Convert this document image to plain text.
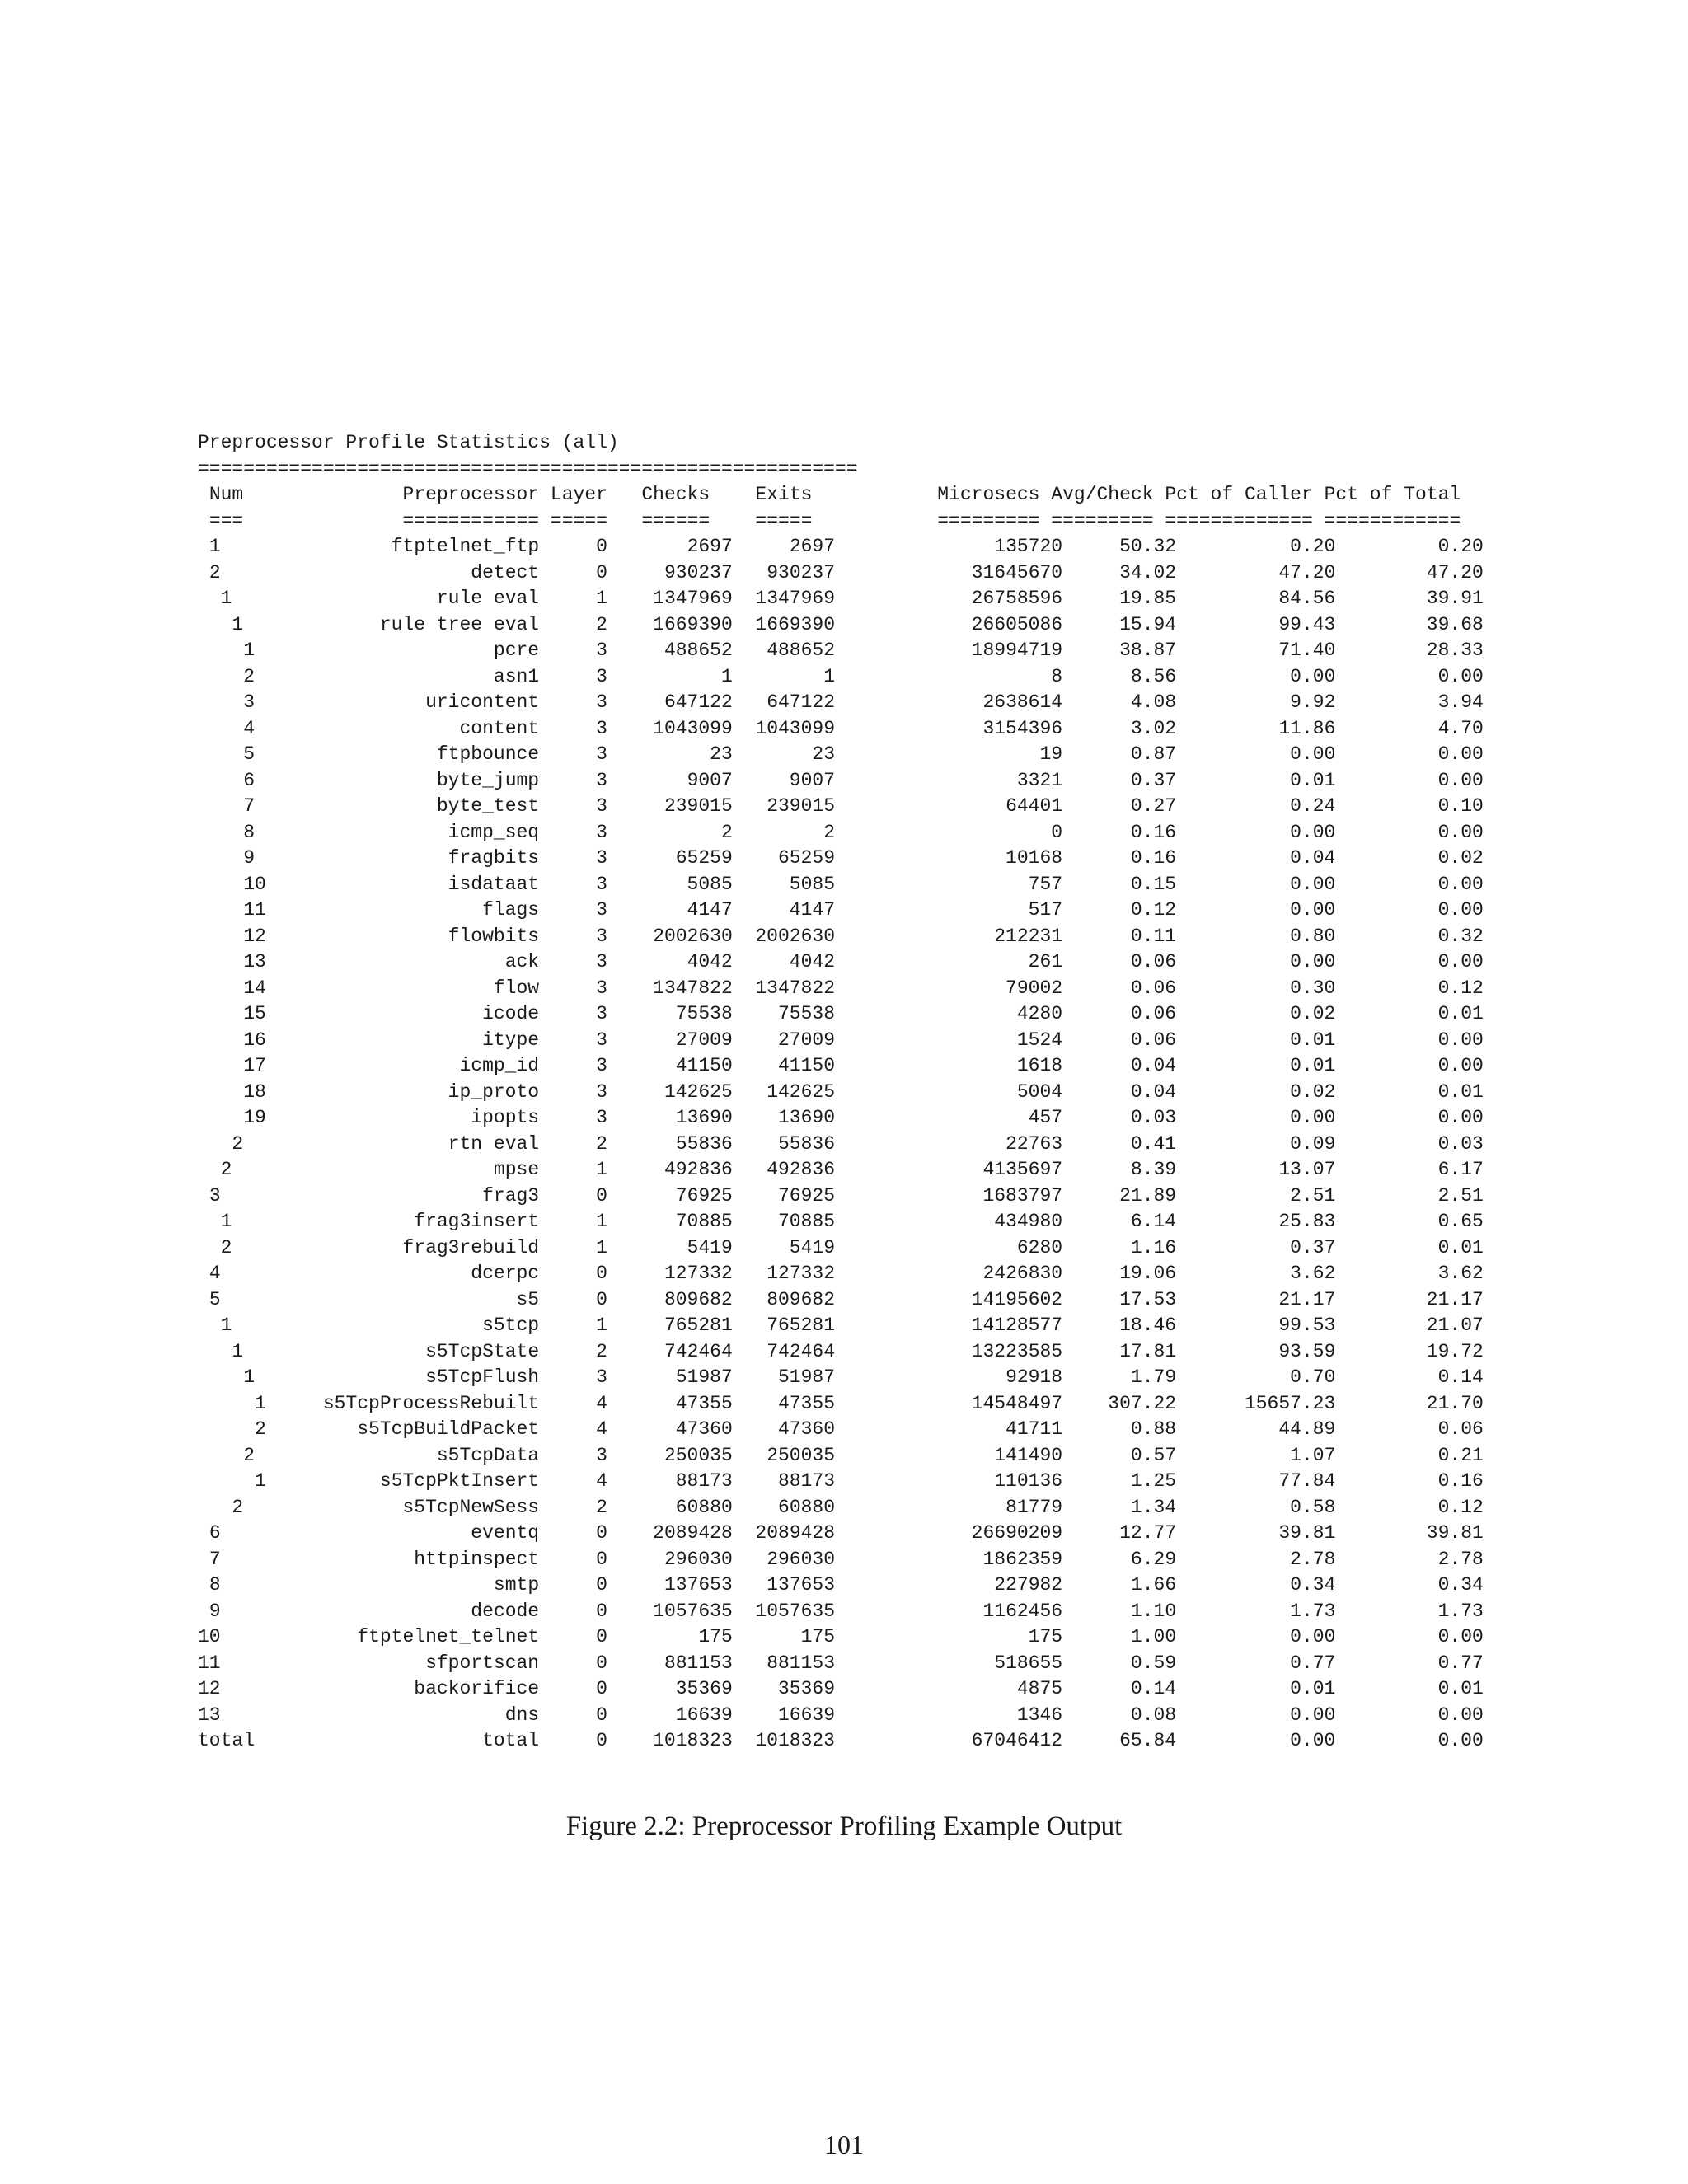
Preprocessor Profile Statistics (all)
==========================================================
Num	Preprocessor Layer Checks Exits	Microsecs Avg/Check Pct of Caller Pct of Total
===	============ ===== ====== =====	========= ========= ============= ============
1	ftptelnet_ftp	0	2697	2697	135720	50.32	0.20	0.20
2	detect	0	930237 930237	31645670	34.02	47.20	47.20
1	rule eval	1 1347969 1347969	26758596	19.85	84.56	39.91
1	rule tree eval	2 1669390 1669390	26605086	15.94	99.43	39.68
1	pcre	3	488652 488652	18994719	38.87	71.40	28.33
2	asn1	3	1	1	8	8.56	0.00	0.00
3	uricontent	3	647122 647122	2638614	4.08	9.92	3.94
4	content	3 1043099 1043099	3154396	3.02	11.86	4.70
5	ftpbounce	3	23	23	19	0.87	0.00	0.00
6	byte_jump	3	9007	9007	3321	0.37	0.01	0.00
7	byte_test	3	239015 239015	64401	0.27	0.24	0.10
8	icmp_seq	3	2	2	0	0.16	0.00	0.00
9	fragbits	3	65259 65259	10168	0.16	0.04	0.02
10	isdataat	3	5085	5085	757	0.15	0.00	0.00
11	flags	3	4147	4147	517	0.12	0.00	0.00
12	flowbits	3 2002630 2002630	212231	0.11	0.80	0.32
13	ack	3	4042	4042	261	0.06	0.00	0.00
14	flow	3 1347822 1347822	79002	0.06	0.30	0.12
15	icode	3	75538 75538	4280	0.06	0.02	0.01
16	itype	3	27009 27009	1524	0.06	0.01	0.00
17	icmp_id	3	41150 41150	1618	0.04	0.01	0.00
18	ip_proto	3	142625 142625	5004	0.04	0.02	0.01
19	ipopts	3	13690 13690	457	0.03	0.00	0.00
2	rtn eval	2	55836 55836	22763	0.41	0.09	0.03
2	mpse	1	492836 492836	4135697	8.39	13.07	6.17
3	frag3	0	76925 76925	1683797	21.89	2.51	2.51
1	frag3insert	1	70885 70885	434980	6.14	25.83	0.65
2	frag3rebuild	1	5419	5419	6280	1.16	0.37	0.01
4	dcerpc	0	127332 127332	2426830	19.06	3.62	3.62
5	s5	0	809682 809682	14195602	17.53	21.17	21.17
1	s5tcp	1	765281 765281	14128577	18.46	99.53	21.07
1	s5TcpState	2	742464 742464	13223585	17.81	93.59	19.72
1	s5TcpFlush	3	51987 51987	92918	1.79	0.70	0.14
1	s5TcpProcessRebuilt	4	47355 47355	14548497 307.22	15657.23	21.70
2	s5TcpBuildPacket	4	47360 47360	41711	0.88	44.89	0.06
2	s5TcpData	3	250035 250035	141490	0.57	1.07	0.21
1	s5TcpPktInsert	4	88173 88173	110136	1.25	77.84	0.16
2	s5TcpNewSess	2	60880 60880	81779	1.34	0.58	0.12
6	eventq	0 2089428 2089428	26690209	12.77	39.81	39.81
7	httpinspect	0	296030 296030	1862359	6.29	2.78	2.78
8	smtp	0	137653 137653	227982	1.66	0.34	0.34
9	decode	0 1057635 1057635	1162456	1.10	1.73	1.73
10	ftptelnet_telnet	0	175	175	175	1.00	0.00	0.00
11	sfportscan	0	881153 881153	518655	0.59	0.77	0.77
12	backorifice	0	35369 35369	4875	0.14	0.01	0.01
13	dns	0	16639 16639	1346	0.08	0.00	0.00
total	total	0 1018323 1018323	67046412	65.84	0.00	0.00
Figure 2.2: Preprocessor Profiling Example Output
101
